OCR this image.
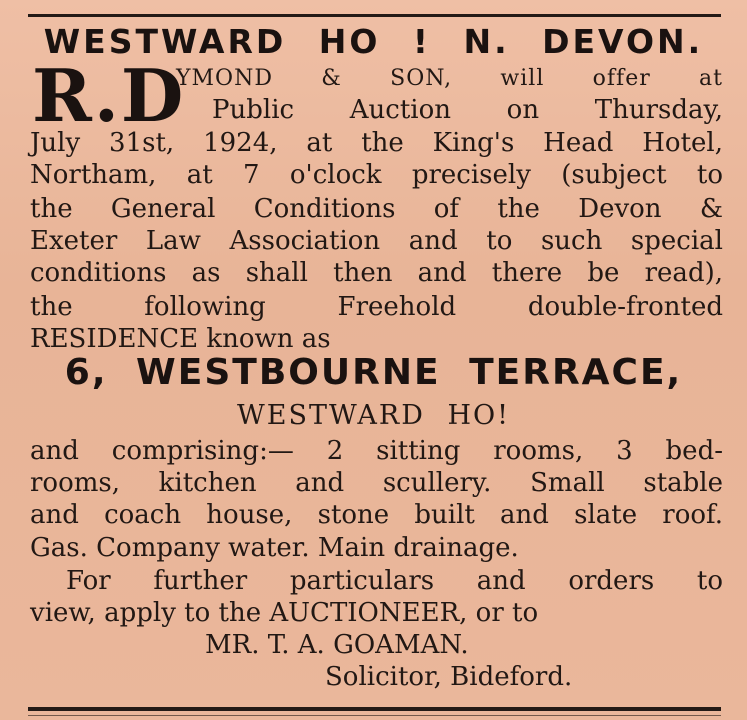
WESTWARD HO ! N. DEVON.
R.D
YMOND & SON, will offer at
Public Auction on Thursday,
July 31st, 1924, at the King's Head Hotel,
Northam, at 7 o'clock precisely (subject to
the General Conditions of the Devon &
Exeter Law Association and to such special
conditions as shall then and there be read),
the following Freehold double-fronted
RESIDENCE known as
6, WESTBOURNE TERRACE,
WESTWARD HO!
and comprising:— 2 sitting rooms, 3 bed-
rooms, kitchen and scullery. Small stable
and coach house, stone built and slate roof.
Gas. Company water. Main drainage.
For further particulars and orders to
view, apply to the AUCTIONEER, or to
MR. T. A. GOAMAN.
Solicitor, Bideford.
